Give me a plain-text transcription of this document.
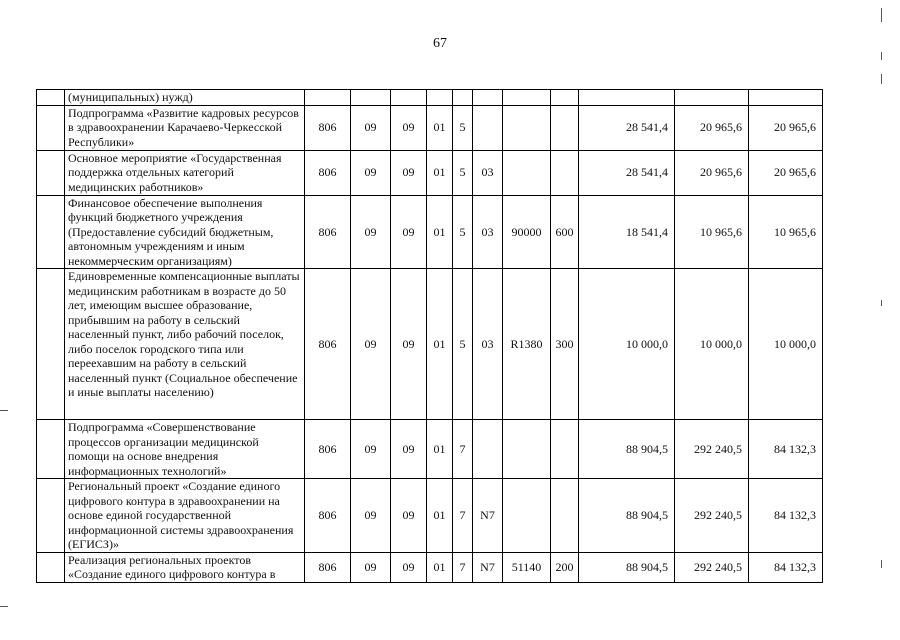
67
	(муниципальных) нужд)											
	Подпрограмма «Развитие кадровых ресурсов в здравоохранении Карачаево-Черкесской Республики»	806	09	09	01	5				28 541,4	20 965,6	20 965,6
	Основное мероприятие «Государственная поддержка отдельных категорий медицинских работников»	806	09	09	01	5	03			28 541,4	20 965,6	20 965,6
	Финансовое обеспечение выполнения функций бюджетного учреждения (Предоставление субсидий бюджетным, автономным учреждениям и иным некоммерческим организациям)	806	09	09	01	5	03	90000	600	18 541,4	10 965,6	10 965,6
	Единовременные компенсационные выплаты медицинским работникам в возрасте до 50 лет, имеющим высшее образование, прибывшим на работу в сельский населенный пункт, либо рабочий поселок, либо поселок городского типа или переехавшим на работу в сельский населенный пункт (Социальное обеспечение и иные выплаты населению)	806	09	09	01	5	03	R1380	300	10 000,0	10 000,0	10 000,0
	Подпрограмма «Совершенствование процессов организации медицинской помощи на основе внедрения информационных технологий»	806	09	09	01	7				88 904,5	292 240,5	84 132,3
	Региональный проект «Создание единого цифрового контура в здравоохранении на основе единой государственной информационной системы здравоохранения (ЕГИСЗ)»	806	09	09	01	7	N7			88 904,5	292 240,5	84 132,3
	Реализация региональных проектов «Создание единого цифрового контура в	806	09	09	01	7	N7	51140	200	88 904,5	292 240,5	84 132,3
